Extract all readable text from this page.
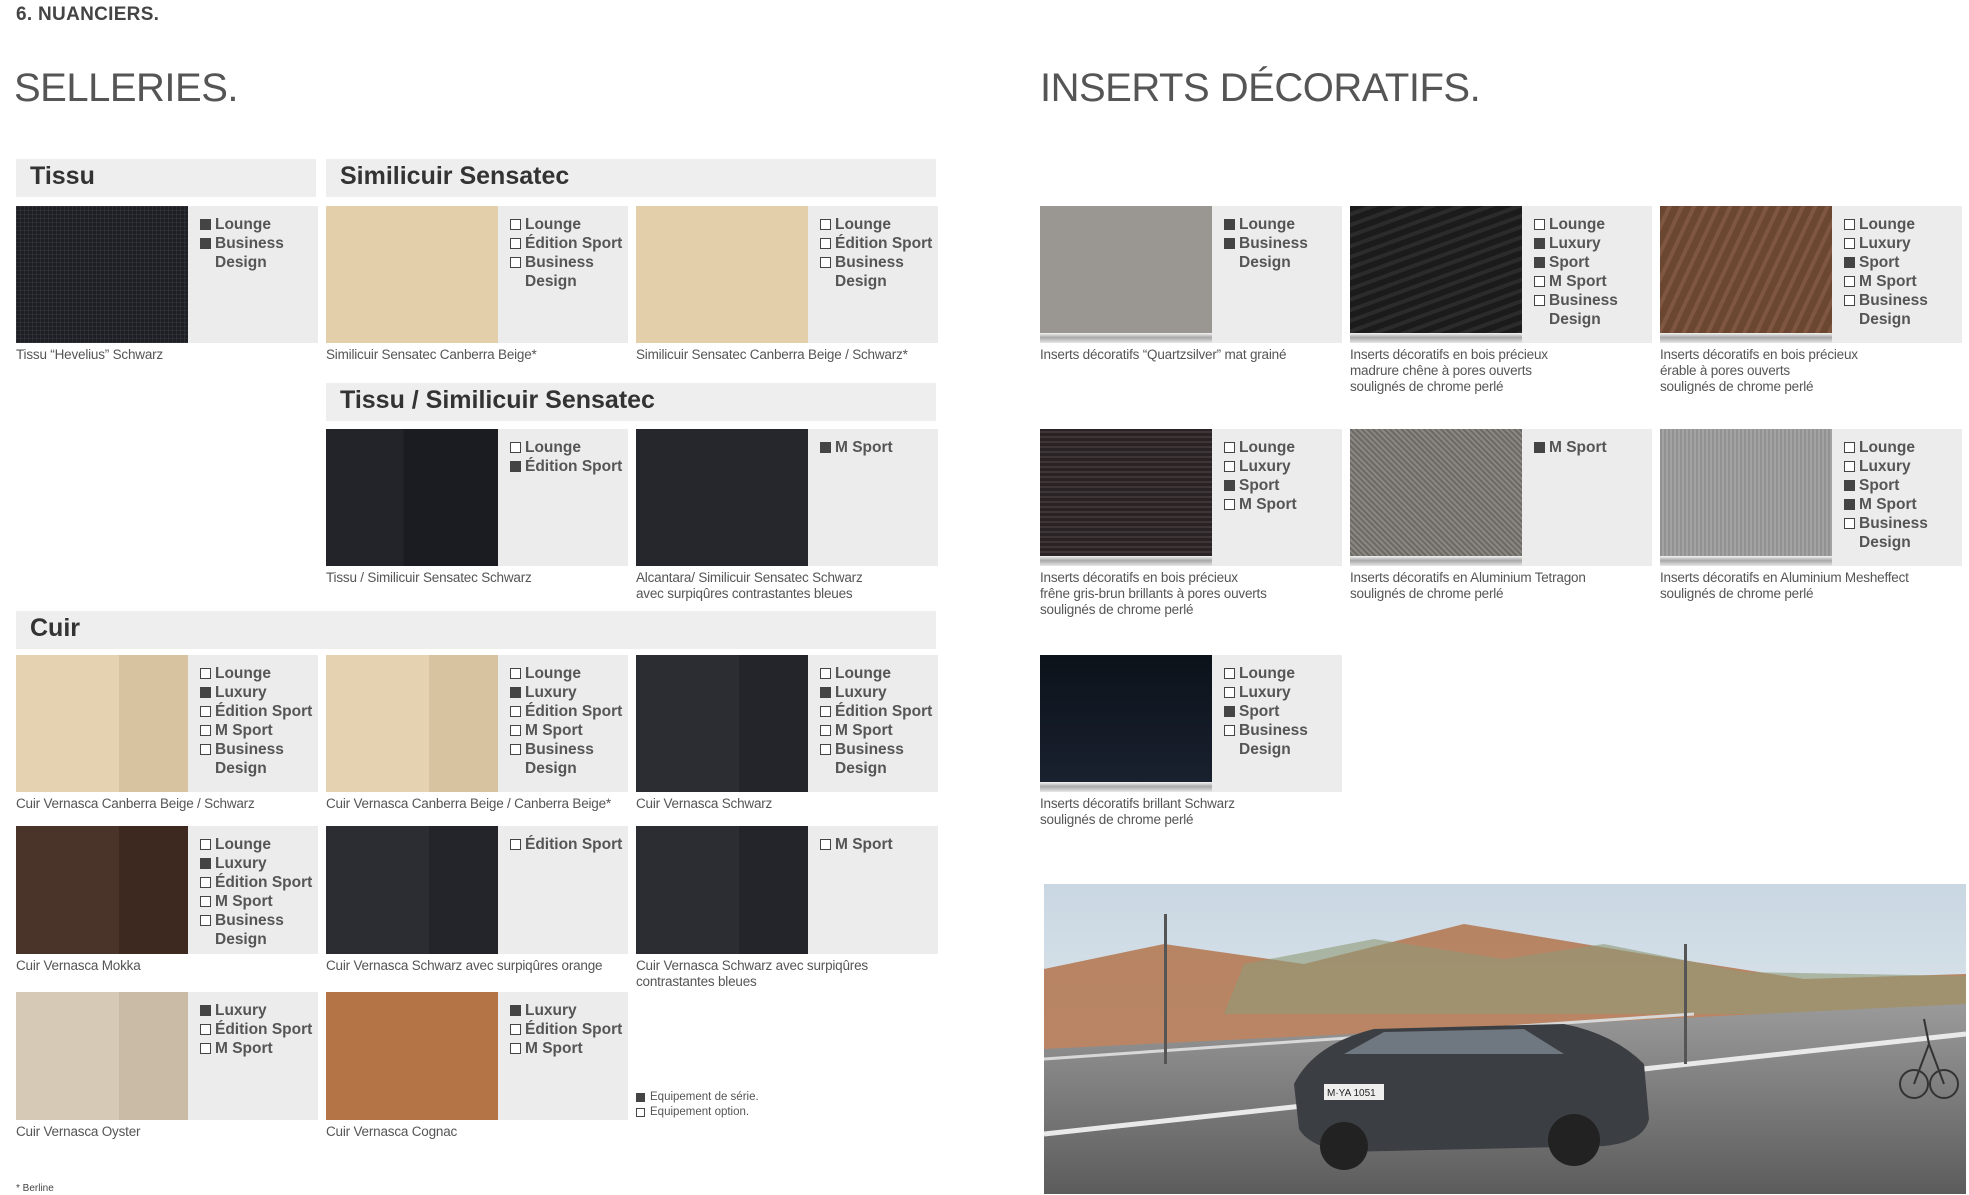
6. NUANCIERS.
SELLERIES.	INSERTS DÉCORATIFS.
Tissu	Similicuir Sensatec
Tissu / Similicuir Sensatec
Cuir
Lounge
Business
Design
Tissu “Hevelius” Schwarz
Lounge
Édition Sport
Business
Design
Similicuir Sensatec Canberra Beige*
Lounge
Édition Sport
Business
Design
Similicuir Sensatec Canberra Beige / Schwarz*
Lounge
Édition Sport
Tissu / Similicuir Sensatec Schwarz
M Sport
Alcantara/ Similicuir Sensatec Schwarz
avec surpiqûres contrastantes bleues
Lounge
Luxury
Édition Sport
M Sport
Business
Design
Cuir Vernasca Canberra Beige / Schwarz
Lounge
Luxury
Édition Sport
M Sport
Business
Design
Cuir Vernasca Canberra Beige / Canberra Beige*
Lounge
Luxury
Édition Sport
M Sport
Business
Design
Cuir Vernasca Schwarz
Lounge
Luxury
Édition Sport
M Sport
Business
Design
Cuir Vernasca Mokka
Édition Sport
Cuir Vernasca Schwarz avec surpiqûres orange
M Sport
Cuir Vernasca Schwarz avec surpiqûres
contrastantes bleues
Luxury
Édition Sport
M Sport
Cuir Vernasca Oyster
Luxury
Édition Sport
M Sport
Cuir Vernasca Cognac
Lounge
Business
Design
Inserts décoratifs “Quartzsilver” mat grainé
Lounge
Luxury
Sport
M Sport
Business
Design
Inserts décoratifs en bois précieux
madrure chêne à pores ouverts
soulignés de chrome perlé
Lounge
Luxury
Sport
M Sport
Business
Design
Inserts décoratifs en bois précieux
érable à pores ouverts
soulignés de chrome perlé
Lounge
Luxury
Sport
M Sport
Inserts décoratifs en bois précieux
frêne gris-brun brillants à pores ouverts
soulignés de chrome perlé
M Sport
Inserts décoratifs en Aluminium Tetragon
soulignés de chrome perlé
Lounge
Luxury
Sport
M Sport
Business
Design
Inserts décoratifs en Aluminium Mesheffect
soulignés de chrome perlé
Lounge
Luxury
Sport
Business
Design
Inserts décoratifs brillant Schwarz
soulignés de chrome perlé
Equipement de série.
Equipement option.
* Berline
M·YA 1051
